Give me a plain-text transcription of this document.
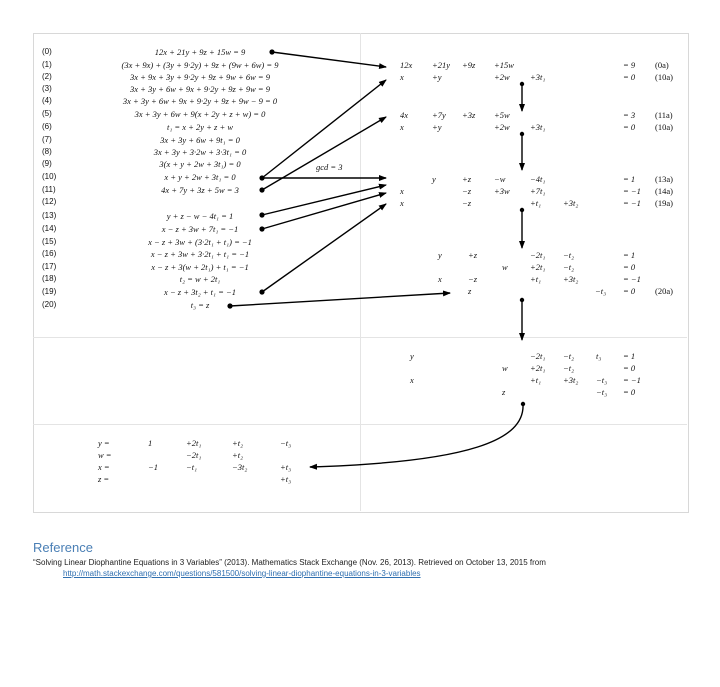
(0)	12x + 21y + 9z + 15w = 9
(1)	(3x + 9x) + (3y + 9·2y) + 9z + (9w + 6w) = 9
(2)	3x + 9x + 3y + 9·2y + 9z + 9w + 6w = 9
(3)	3x + 3y + 6w + 9x + 9·2y + 9z + 9w = 9
(4)	3x + 3y + 6w + 9x + 9·2y + 9z + 9w − 9 = 0
(5)	3x + 3y + 6w + 9(x + 2y + z + w) = 0
(6)	t₁ = x + 2y + z + w
(7)	3x + 3y + 6w + 9t₁ = 0
(8)	3x + 3y + 3·2w + 3·3t₁ = 0
(9)	3(x + y + 2w + 3t₁) = 0
(10)	x + y + 2w + 3t₁ = 0
(11)	4x + 7y + 3z + 5w = 3
(12)
(13)	y + z − w − 4t₁ = 1
(14)	x − z + 3w + 7t₁ = −1
(15)	x − z + 3w + (3·2t₁ + t₁) = −1
(16)	x − z + 3w + 3·2t₁ + t₁ = −1
(17)	x − z + 3(w + 2t₁) + t₁ = −1
(18)	t₂ = w + 2t₁
(19)	x − z + 3t₂ + t₁ = −1
(20)	t₃ = z
gcd = 3
12x +21y +9z +15w	= 9 (0a)
x	+y	+2w +3t₁	= 0 (10a)
4x	+7y +3z +5w	= 3 (11a)
x	+y	+2w +3t₁	= 0 (10a)
y	+z	−w	−4t₁	= 1 (13a)
x	−z	+3w +7t₁	= −1 (14a)
x	−z	+t₁	+3t₂	= −1 (19a)
y	+z	−2t₁ −t₂	= 1
w	+2t₁ −t₂	= 0
x	−z	+t₁	+3t₂	= −1
z	−t₃ = 0 (20a)
y	−2t₁ −t₂	t₃	= 1
w	+2t₁ −t₂	= 0
x	+t₁	+3t₂ −t₃ = −1
z	−t₃ = 0
y =	1	+2t₁	+t₂	−t₃
w =	−2t₁	+t₂
x =	−1	−t₁	−3t₂	+t₃
z =	+t₃
Reference
“Solving Linear Diophantine Equations in 3 Variables” (2013). Mathematics Stack Exchange (Nov. 26, 2013). Retrieved on October 13, 2015 from
http://math.stackexchange.com/questions/581500/solving-linear-diophantine-equations-in-3-variables
